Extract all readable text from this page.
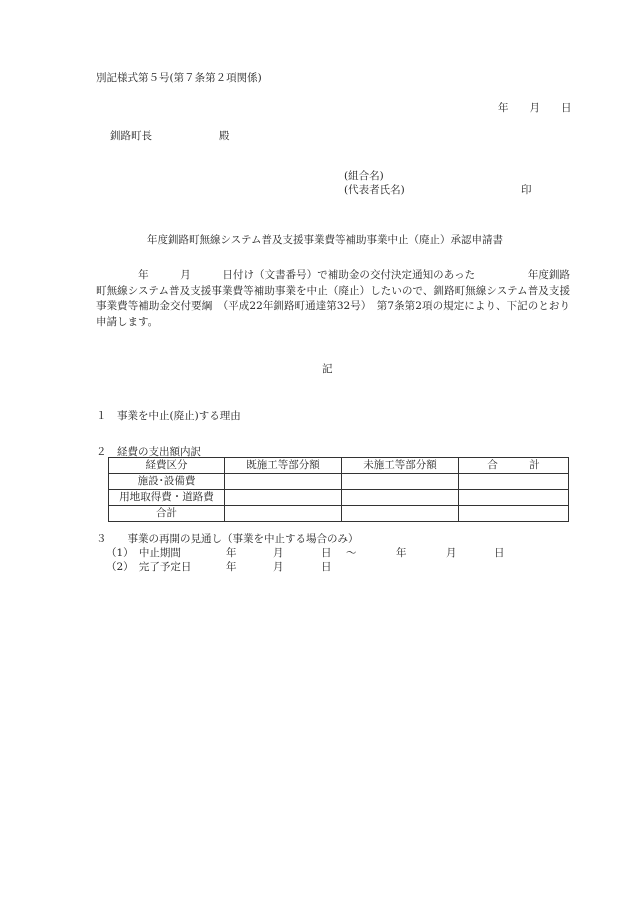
別記様式第５号(第７条第２項関係)
年　　月　　日
釧路町長	殿
(組合名)
(代表者氏名)	印
年度釧路町無線システム普及支援事業費等補助事業中止（廃止）承認申請書
　　　　年　　　月　　　日付け（文書番号）で補助金の交付決定通知のあった　　　　　年度釧路町無線システム普及支援事業費等補助事業を中止（廃止）したいので、釧路町無線システム普及支援事業費等補助金交付要綱　（平成22年釧路町通達第32号）　第7条第2項の規定により、下記のとおり申請します。
記
１　事業を中止(廃止)する理由
２　経費の支出額内訳
経費区分	既施工等部分額	未施工等部分額	合　　　計
施設･設備費			
用地取得費・道路費			
合計			
３　　事業の再開の見通し（事業を中止する場合のみ）
（1）　中止期間	年	月	日 ～	年	月	日
（2）　完了予定日	年	月	日
